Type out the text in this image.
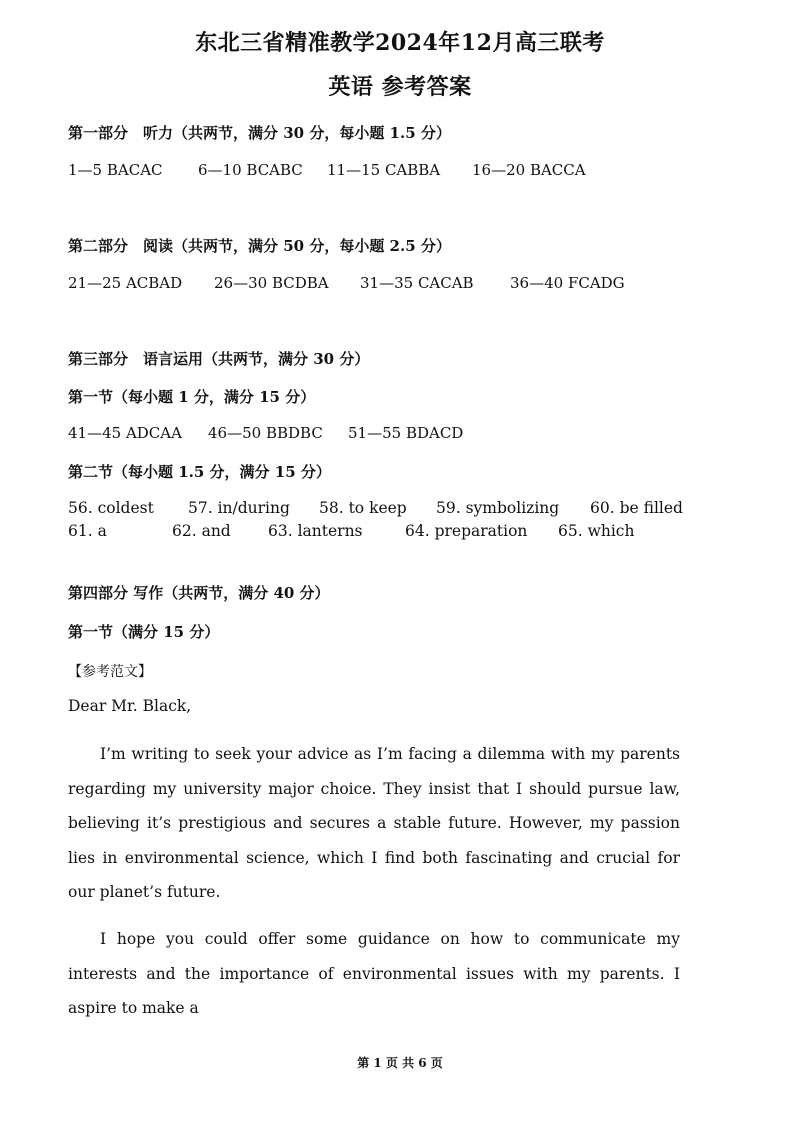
东北三省精准教学2024年12月高三联考
英语 参考答案
第一部分　听力（共两节，满分 30 分，每小题 1.5 分）
1—5 BACAC 6—10 BCABC 11—15 CABBA 16—20 BACCA
第二部分　阅读（共两节，满分 50 分，每小题 2.5 分）
21—25 ACBAD 26—30 BCDBA 31—35 CACAB 36—40 FCADG
第三部分　语言运用（共两节，满分 30 分）
第一节（每小题 1 分，满分 15 分）
41—45 ADCAA 46—50 BBDBC 51—55 BDACD
第二节（每小题 1.5 分，满分 15 分）
56. coldest 57. in/during 58. to keep 59. symbolizing 60. be filled
61. a	62. and 63. lanterns	64. preparation 65. which
第四部分 写作（共两节，满分 40 分）
第一节（满分 15 分）
【参考范文】
Dear Mr. Black,
I’m writing to seek your advice as I’m facing a dilemma with my parents regarding my university major choice. They insist that I should pursue law, believing it’s prestigious and secures a stable future. However, my passion lies in environmental science, which I find both fascinating and crucial for our planet’s future.
I hope you could offer some guidance on how to communicate my interests and the importance of environmental issues with my parents. I aspire to make a
第 1 页 共 6 页
